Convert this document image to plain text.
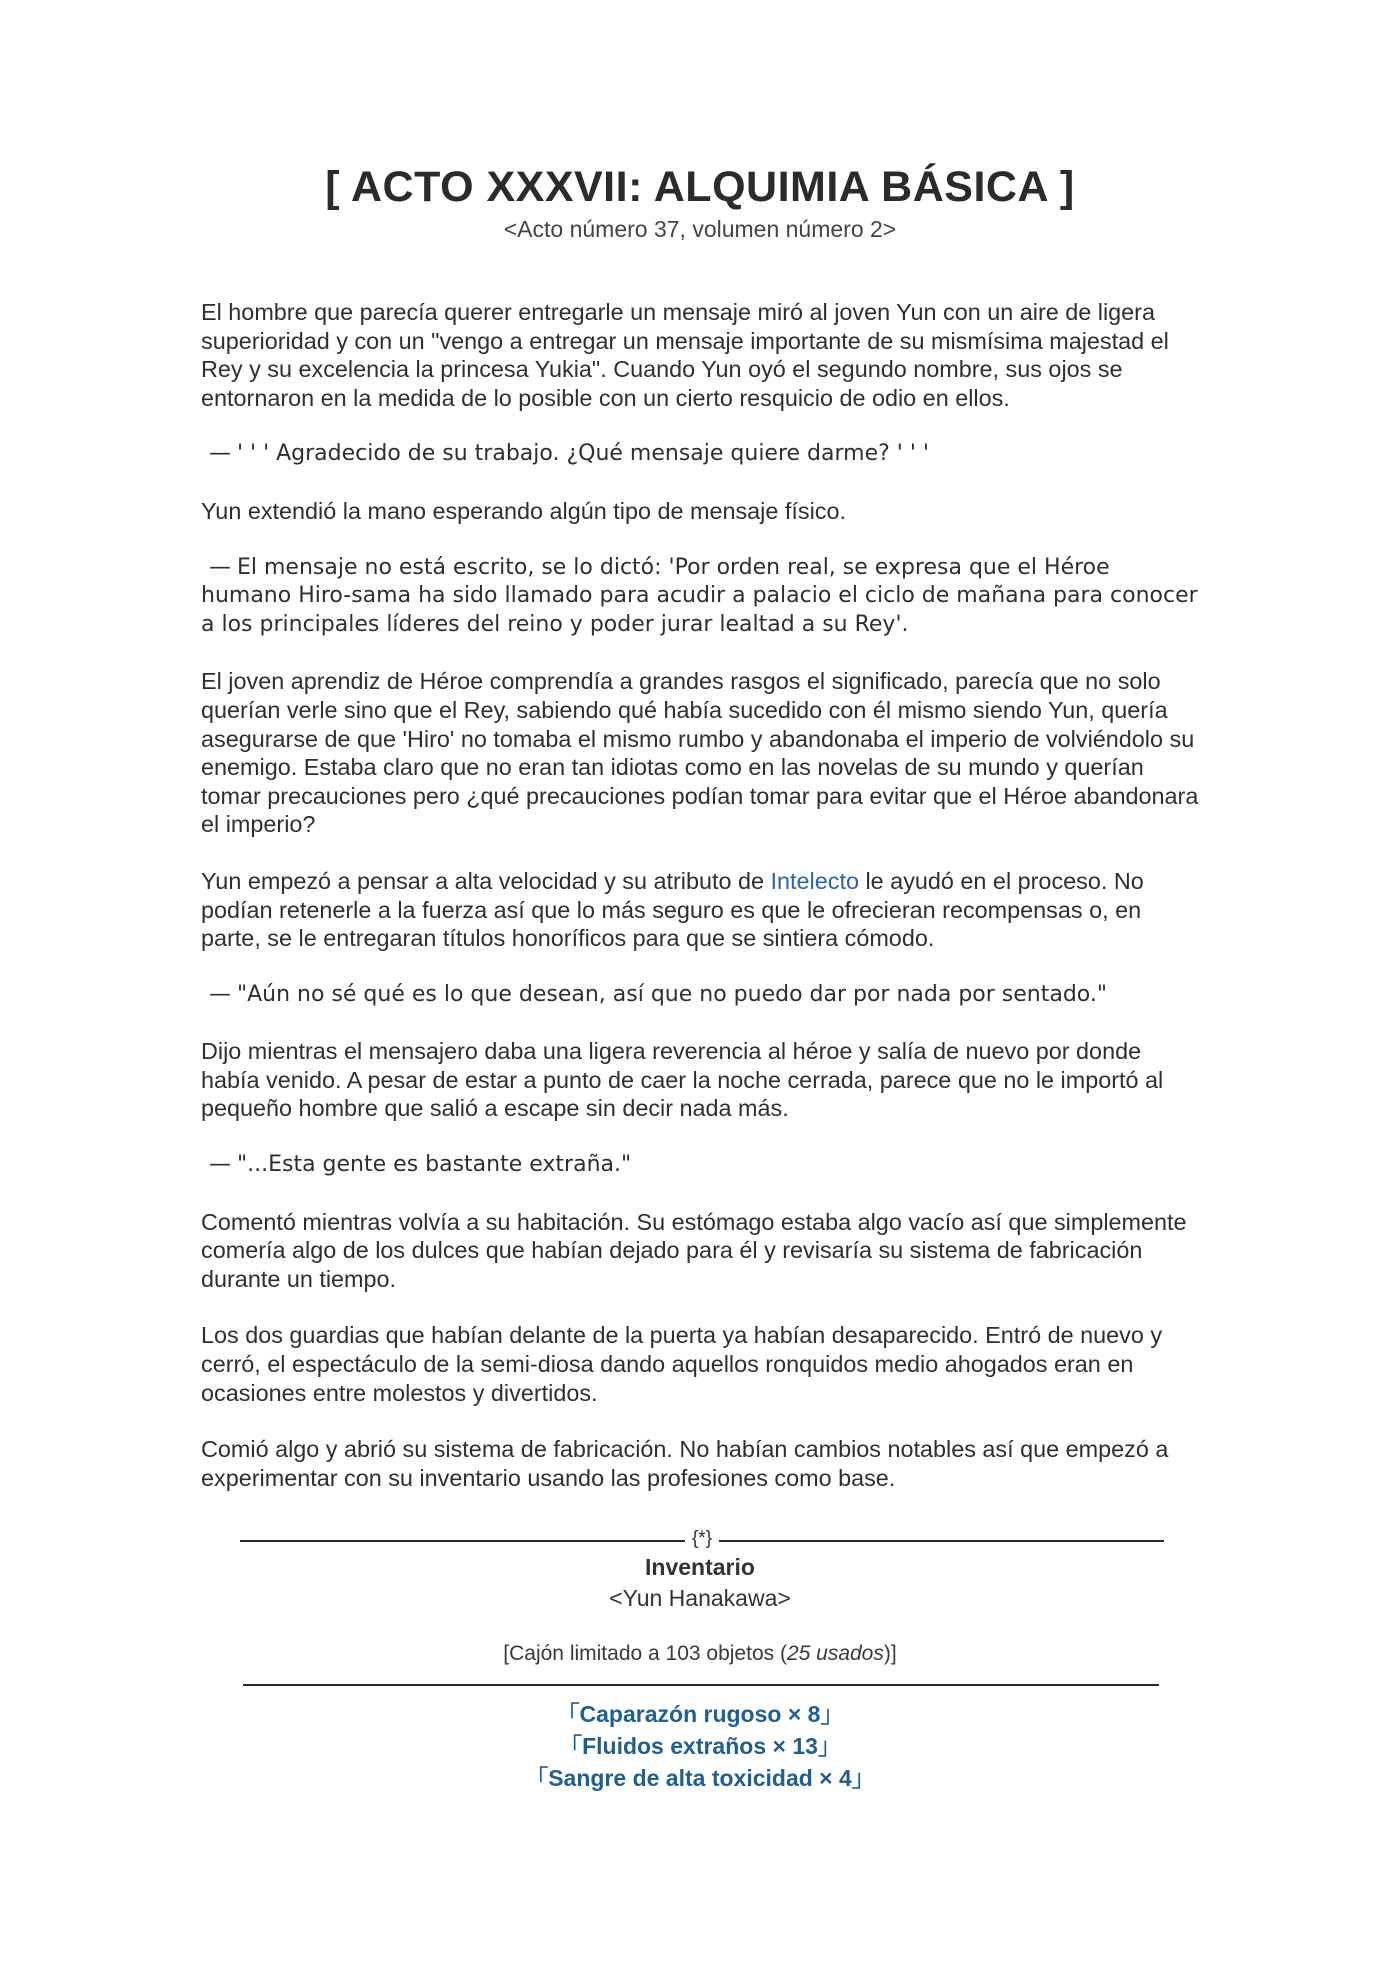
[ ACTO XXXVII: ALQUIMIA BÁSICA ]
<Acto número 37, volumen número 2>

El hombre que parecía querer entregarle un mensaje miró al joven Yun con un aire de ligera superioridad y con un "vengo a entregar un mensaje importante de su mismísima majestad el Rey y su excelencia la princesa Yukia". Cuando Yun oyó el segundo nombre, sus ojos se entornaron en la medida de lo posible con un cierto resquicio de odio en ellos.

— ' ' ' Agradecido de su trabajo. ¿Qué mensaje quiere darme? ' ' '

Yun extendió la mano esperando algún tipo de mensaje físico.

— El mensaje no está escrito, se lo dictó: 'Por orden real, se expresa que el Héroe humano Hiro-sama ha sido llamado para acudir a palacio el ciclo de mañana para conocer a los principales líderes del reino y poder jurar lealtad a su Rey'.

El joven aprendiz de Héroe comprendía a grandes rasgos el significado, parecía que no solo querían verle sino que el Rey, sabiendo qué había sucedido con él mismo siendo Yun, quería asegurarse de que 'Hiro' no tomaba el mismo rumbo y abandonaba el imperio de volviéndolo su enemigo. Estaba claro que no eran tan idiotas como en las novelas de su mundo y querían tomar precauciones pero ¿qué precauciones podían tomar para evitar que el Héroe abandonara el imperio?

Yun empezó a pensar a alta velocidad y su atributo de Intelecto le ayudó en el proceso. No podían retenerle a la fuerza así que lo más seguro es que le ofrecieran recompensas o, en parte, se le entregaran títulos honoríficos para que se sintiera cómodo.

— "Aún no sé qué es lo que desean, así que no puedo dar por nada por sentado."

Dijo mientras el mensajero daba una ligera reverencia al héroe y salía de nuevo por donde había venido. A pesar de estar a punto de caer la noche cerrada, parece que no le importó al pequeño hombre que salió a escape sin decir nada más.

— "...Esta gente es bastante extraña."

Comentó mientras volvía a su habitación. Su estómago estaba algo vacío así que simplemente comería algo de los dulces que habían dejado para él y revisaría su sistema de fabricación durante un tiempo.

Los dos guardias que habían delante de la puerta ya habían desaparecido. Entró de nuevo y cerró, el espectáculo de la semi-diosa dando aquellos ronquidos medio ahogados eran en ocasiones entre molestos y divertidos.

Comió algo y abrió su sistema de fabricación. No habían cambios notables así que empezó a experimentar con su inventario usando las profesiones como base.

{*}
Inventario
<Yun Hanakawa>
[Cajón limitado a 103 objetos (25 usados)]
「Caparazón rugoso × 8」
「Fluidos extraños × 13」
「Sangre de alta toxicidad × 4」
